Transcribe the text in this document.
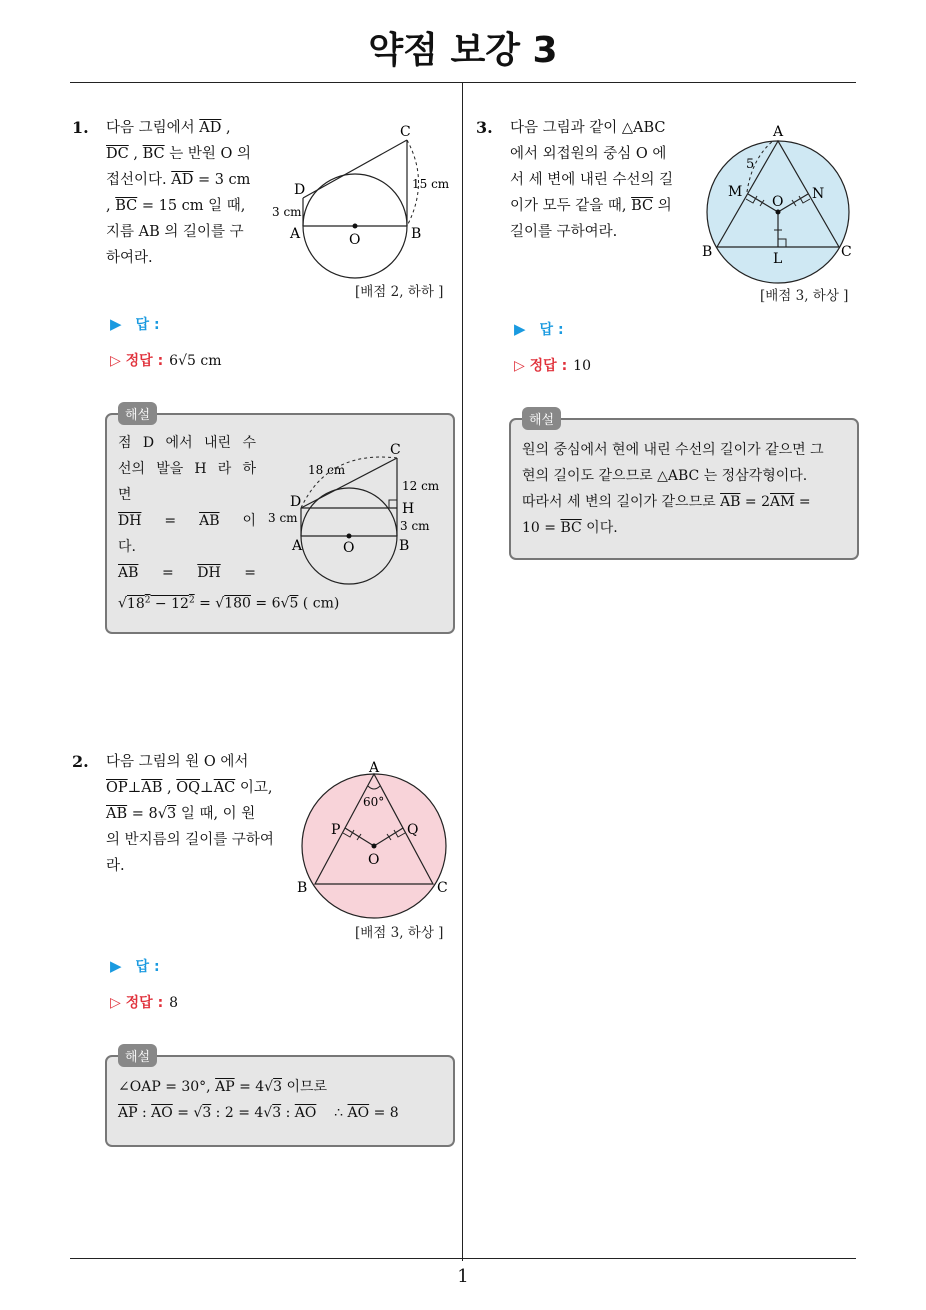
약점 보강 3
1
1. 다음 그림에서 $\overline{AD}$ ,
$\overline{DC}$ , $\overline{BC}$ 는 반원 O 의
접선이다. $\overline{AD} = 3$ cm
, $\overline{BC} = 15$ cm 일 때,
지름 AB 의 길이를 구
하여라.
C
D
A	B
O
3 cm
15 cm
[배점 2, 하하 ]
▶ 답 :
▷ 정답 : 6√5 cm
해설
점 D 에서 내린 수
선의 발을 H 라 하
면
$\overline{DH} = \overline{AB}$ 이
다.
$\overline{AB} = \overline{DH}$ =
$√18^2 - 12^2 = √180 = 6√5$ ( cm)
C
D	H
A	B
O
18 cm
12 cm
3 cm
3 cm
2. 다음 그림의 원 O 에서
$\overline{OP}\perp\overline{AB}$ , $\overline{OQ}\perp\overline{AC}$ 이고,
$\overline{AB} = 8√3$ 일 때, 이 원
의 반지름의 길이를 구하여
라.
A
60°
P	Q
O
B	C
[배점 3, 하상 ]
▶ 답 :
▷ 정답 : 8
해설
∠OAP = 30°, $\overline{AP} = 4√3$ 이므로
$\overline{AP}$ : $\overline{AO} = √3$ : 2 = 4√3 : $\overline{AO}$    ∴ $\overline{AO} = 8$
3. 다음 그림과 같이 △ABC
에서 외접원의 중심 O 에
서 세 변에 내린 수선의 길
이가 모두 같을 때, $\overline{BC}$ 의
길이를 구하여라.
A
5
M	N
O
B	C
L
[배점 3, 하상 ]
▶ 답 :
▷ 정답 : 10
해설
원의 중심에서 현에 내린 수선의 길이가 같으면 그
현의 길이도 같으므로 △ABC 는 정삼각형이다.
따라서 세 변의 길이가 같으므로 $\overline{AB} = 2\overline{AM}$ =
$10 = \overline{BC}$ 이다.
